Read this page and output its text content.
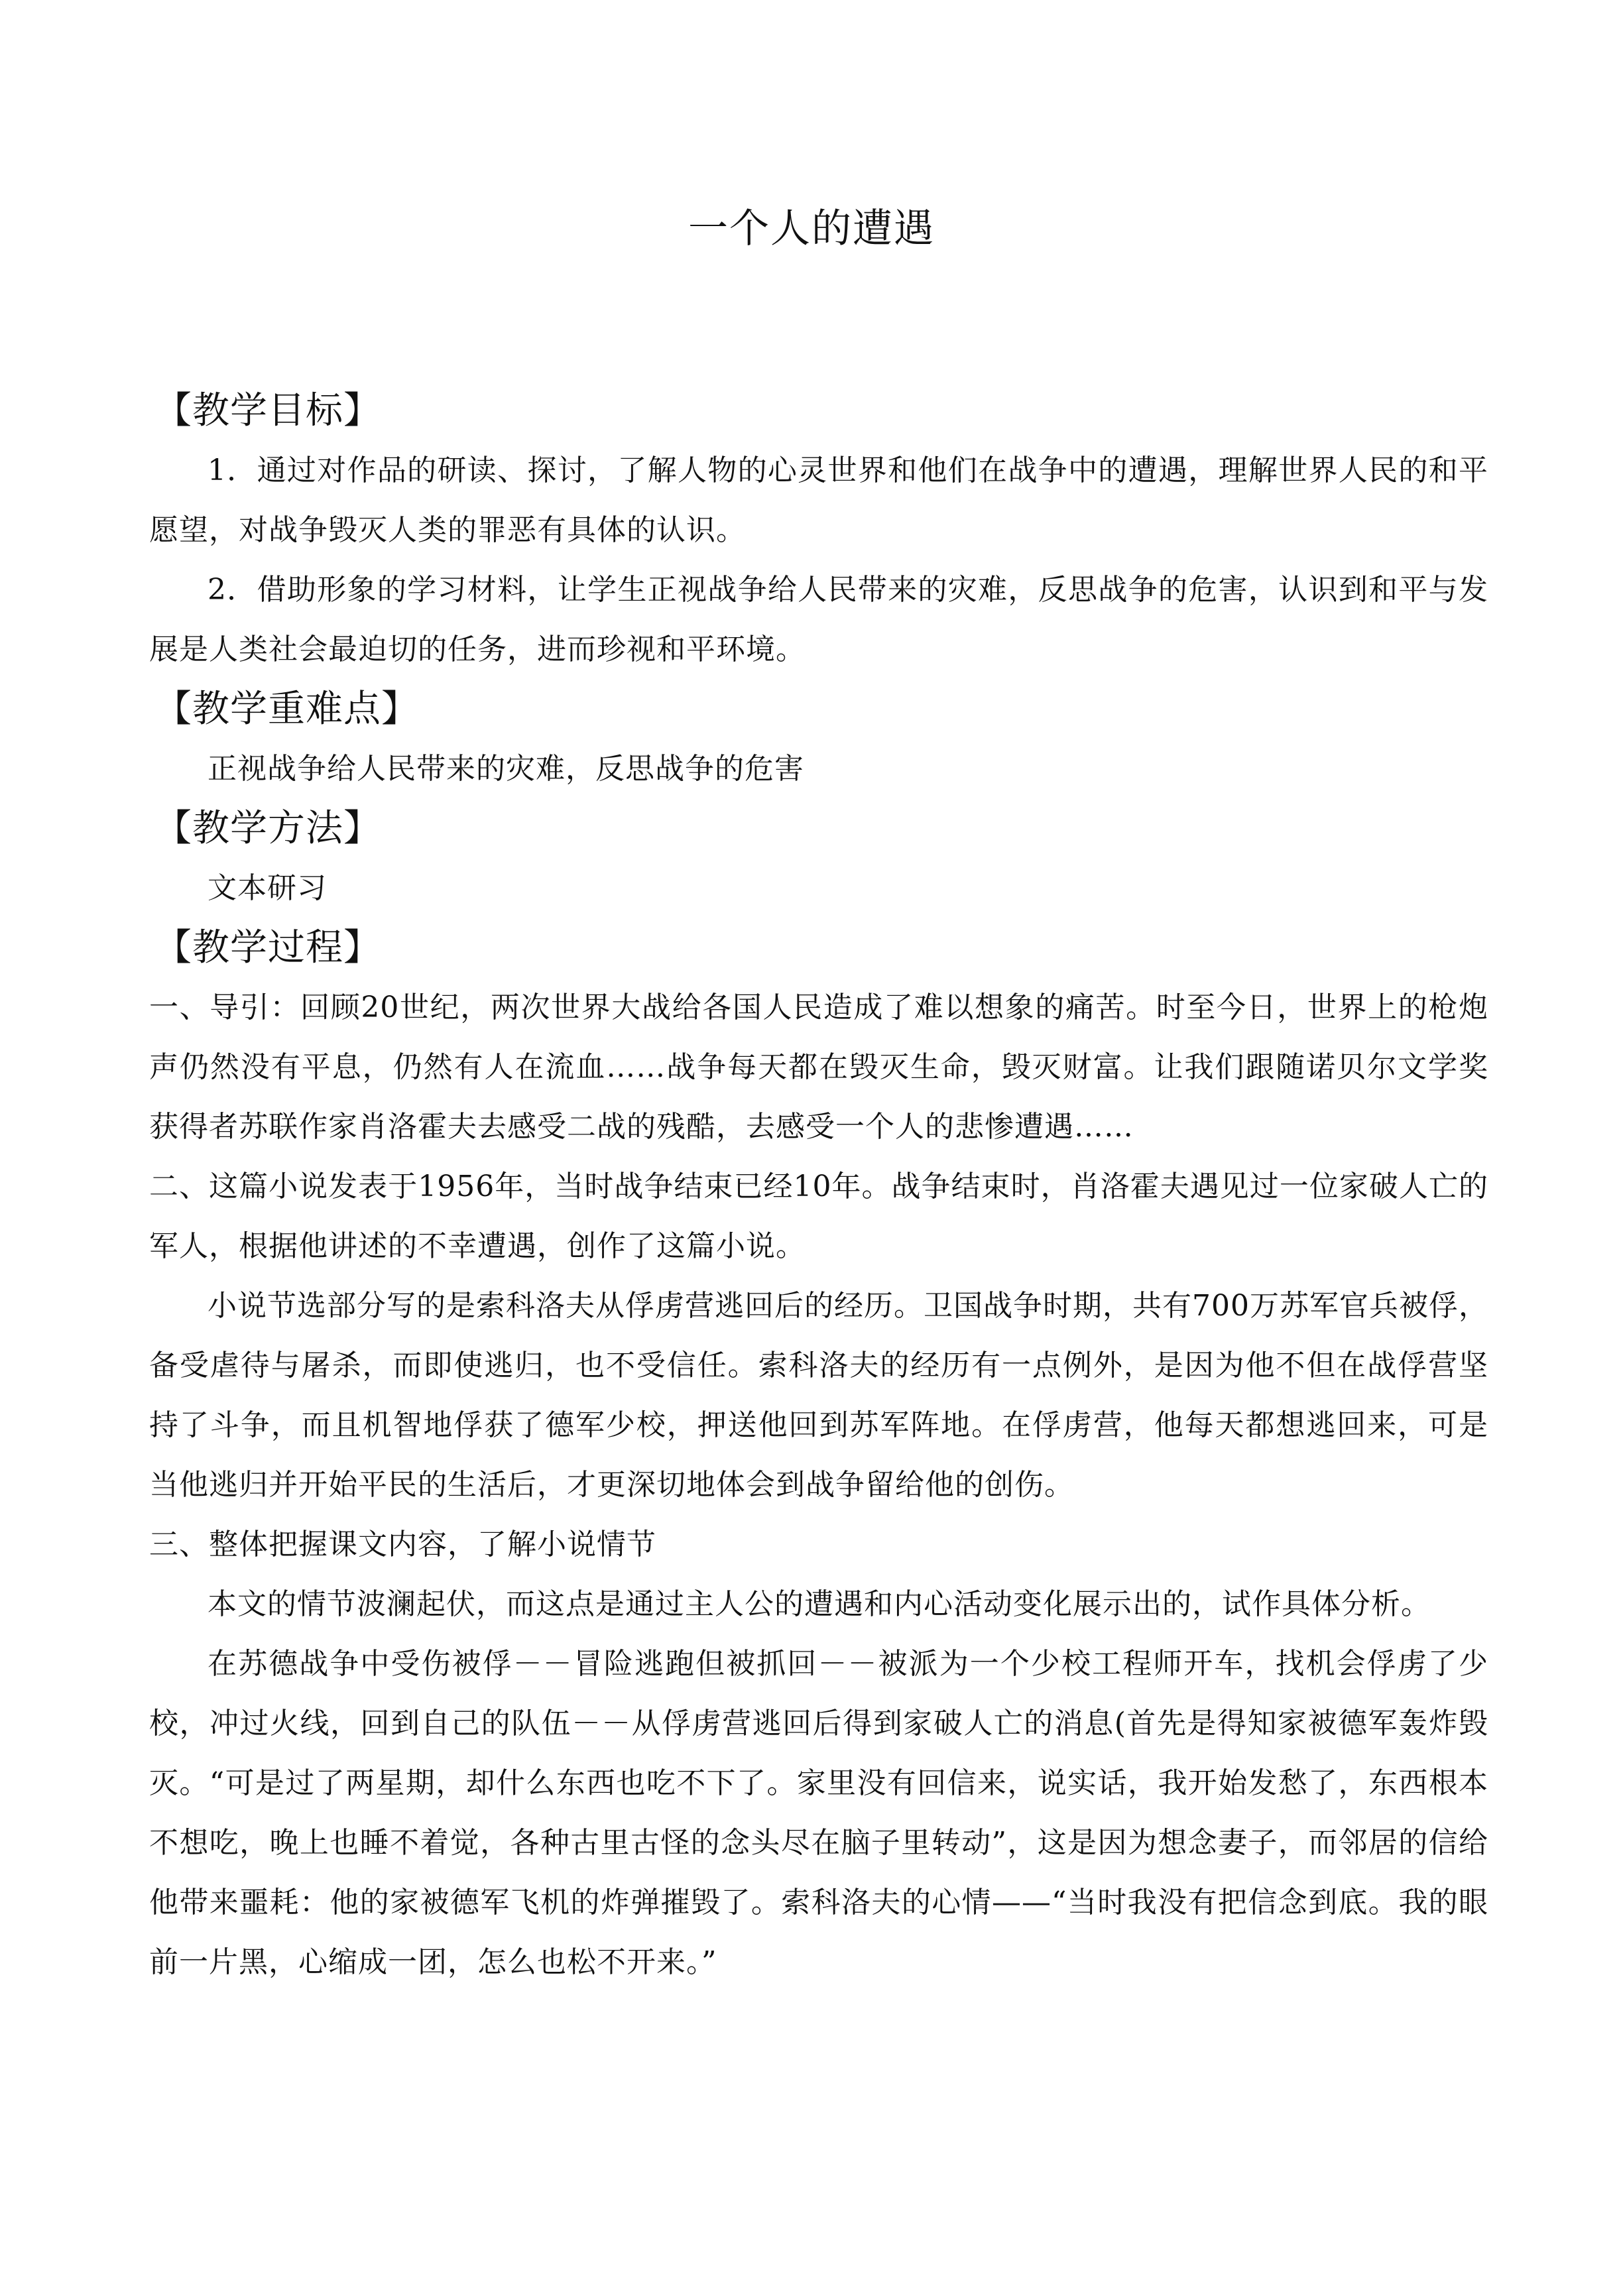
一个人的遭遇
【教学目标】

1．通过对作品的研读、探讨，了解人物的心灵世界和他们在战争中的遭遇，理解世界人民的和平愿望，对战争毁灭人类的罪恶有具体的认识。

2．借助形象的学习材料，让学生正视战争给人民带来的灾难，反思战争的危害，认识到和平与发展是人类社会最迫切的任务，进而珍视和平环境。

【教学重难点】

正视战争给人民带来的灾难，反思战争的危害

【教学方法】

文本研习

【教学过程】

一、导引：回顾20世纪，两次世界大战给各国人民造成了难以想象的痛苦。时至今日，世界上的枪炮声仍然没有平息，仍然有人在流血……战争每天都在毁灭生命，毁灭财富。让我们跟随诺贝尔文学奖获得者苏联作家肖洛霍夫去感受二战的残酷，去感受一个人的悲惨遭遇……

二、这篇小说发表于1956年，当时战争结束已经10年。战争结束时，肖洛霍夫遇见过一位家破人亡的军人，根据他讲述的不幸遭遇，创作了这篇小说。

小说节选部分写的是索科洛夫从俘虏营逃回后的经历。卫国战争时期，共有700万苏军官兵被俘，备受虐待与屠杀，而即使逃归，也不受信任。索科洛夫的经历有一点例外，是因为他不但在战俘营坚持了斗争，而且机智地俘获了德军少校，押送他回到苏军阵地。在俘虏营，他每天都想逃回来，可是当他逃归并开始平民的生活后，才更深切地体会到战争留给他的创伤。

三、整体把握课文内容，了解小说情节

本文的情节波澜起伏，而这点是通过主人公的遭遇和内心活动变化展示出的，试作具体分析。

在苏德战争中受伤被俘－－冒险逃跑但被抓回－－被派为一个少校工程师开车，找机会俘虏了少校，冲过火线，回到自己的队伍－－从俘虏营逃回后得到家破人亡的消息(首先是得知家被德军轰炸毁灭。“可是过了两星期，却什么东西也吃不下了。家里没有回信来，说实话，我开始发愁了，东西根本不想吃，晚上也睡不着觉，各种古里古怪的念头尽在脑子里转动”，这是因为想念妻子，而邻居的信给他带来噩耗：他的家被德军飞机的炸弹摧毁了。索科洛夫的心情——“当时我没有把信念到底。我的眼前一片黑，心缩成一团，怎么也松不开来。”
